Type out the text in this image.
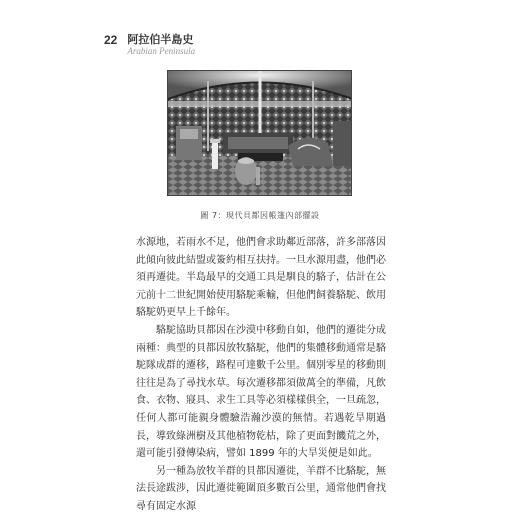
22 阿拉伯半島史
Arabian Peninsula
圖 7：現代貝都因帳篷內部擺設

水源地，若雨水不足，他們會求助鄰近部落，許多部落因此傾向彼此結盟或簽約相互扶持。一旦水源用盡，他們必須再遷徙。半島最早的交通工具是馴良的駱子，估計在公元前十二世紀開始使用駱駝乘輸，但他們飼養駱駝、飲用駱駝奶更早上千餘年。

駱駝協助貝都因在沙漠中移動自如，他們的遷徙分成兩種：典型的貝都因放牧駱駝，他們的集體移動通常是駱駝隊成群的遷移，路程可達數千公里。個別零星的移動則往往是為了尋找水草。每次遷移都須做萬全的準備，凡飲食、衣物、寢具、求生工具等必須樣樣俱全，一旦疏忽，任何人都可能親身體驗浩瀚沙漠的無情。若遇乾旱期過長，導致綠洲樹及其他植物乾枯，除了更面對饑荒之外，還可能引發傳染病，譬如 1899 年的大旱災便是如此。

另一種為放牧羊群的貝都因遷徙，羊群不比駱駝，無法長途跋涉，因此遷徙範圍頂多數百公里，通常他們會找尋有固定水源
